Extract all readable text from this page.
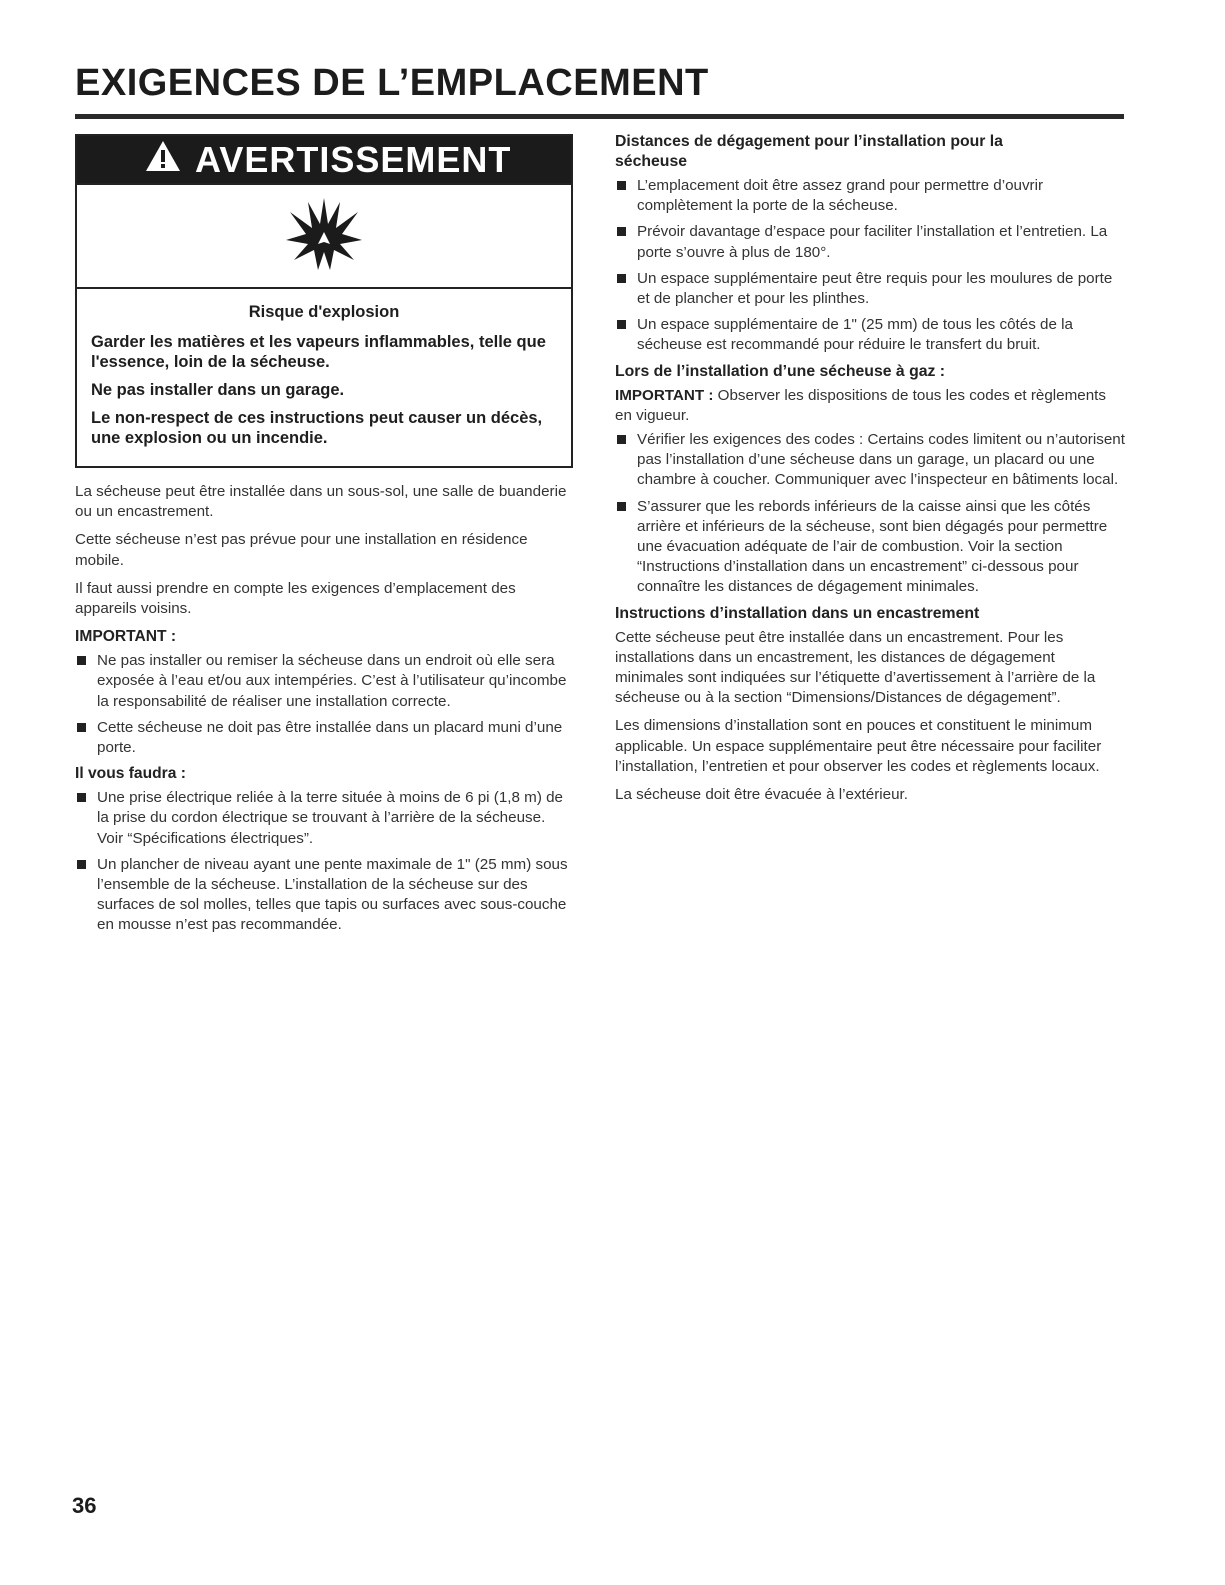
EXIGENCES DE L’EMPLACEMENT
AVERTISSEMENT

Risque d'explosion

Garder les matières et les vapeurs inflammables, telle que l'essence, loin de la sécheuse.

Ne pas installer dans un garage.

Le non-respect de ces instructions peut causer un décès, une explosion ou un incendie.

La sécheuse peut être installée dans un sous-sol, une salle de buanderie ou un encastrement.

Cette sécheuse n’est pas prévue pour une installation en résidence mobile.

Il faut aussi prendre en compte les exigences d’emplacement des appareils voisins.

IMPORTANT :

Ne pas installer ou remiser la sécheuse dans un endroit où elle sera exposée à l’eau et/ou aux intempéries. C’est à l’utilisateur qu’incombe la responsabilité de réaliser une installation correcte.
Cette sécheuse ne doit pas être installée dans un placard muni d’une porte.

Il vous faudra :

Une prise électrique reliée à la terre située à moins de 6 pi (1,8 m) de la prise du cordon électrique se trouvant à l’arrière de la sécheuse. Voir “Spécifications électriques”.
Un plancher de niveau ayant une pente maximale de 1" (25 mm) sous l’ensemble de la sécheuse. L’installation de la sécheuse sur des surfaces de sol molles, telles que tapis ou surfaces avec sous-couche en mousse n’est pas recommandée.

Distances de dégagement pour l’installation pour la sécheuse

L’emplacement doit être assez grand pour permettre d’ouvrir complètement la porte de la sécheuse.
Prévoir davantage d’espace pour faciliter l’installation et l’entretien. La porte s’ouvre à plus de 180°.
Un espace supplémentaire peut être requis pour les moulures de porte et de plancher et pour les plinthes.
Un espace supplémentaire de 1" (25 mm) de tous les côtés de la sécheuse est recommandé pour réduire le transfert du bruit.

Lors de l’installation d’une sécheuse à gaz :

IMPORTANT : Observer les dispositions de tous les codes et règlements en vigueur.

Vérifier les exigences des codes : Certains codes limitent ou n’autorisent pas l’installation d’une sécheuse dans un garage, un placard ou une chambre à coucher. Communiquer avec l’inspecteur en bâtiments local.
S’assurer que les rebords inférieurs de la caisse ainsi que les côtés arrière et inférieurs de la sécheuse, sont bien dégagés pour permettre une évacuation adéquate de l’air de combustion. Voir la section “Instructions d’installation dans un encastrement” ci-dessous pour connaître les distances de dégagement minimales.

Instructions d’installation dans un encastrement

Cette sécheuse peut être installée dans un encastrement. Pour les installations dans un encastrement, les distances de dégagement minimales sont indiquées sur l’étiquette d’avertissement à l’arrière de la sécheuse ou à la section “Dimensions/Distances de dégagement”.

Les dimensions d’installation sont en pouces et constituent le minimum applicable. Un espace supplémentaire peut être nécessaire pour faciliter l’installation, l’entretien et pour observer les codes et règlements locaux.

La sécheuse doit être évacuée à l’extérieur.

36
